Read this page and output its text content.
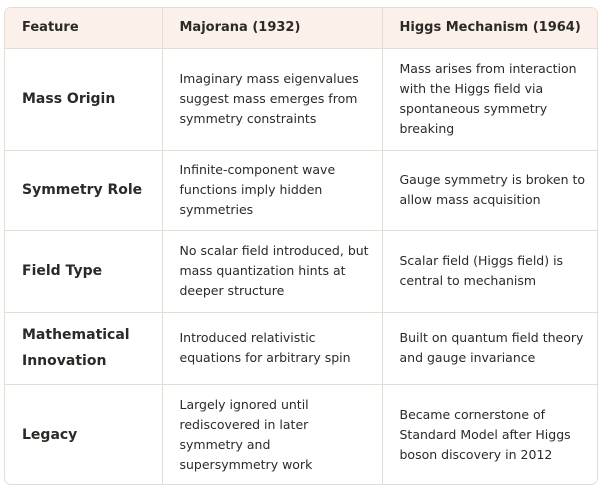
Feature	Majorana (1932)	Higgs Mechanism (1964)
Mass Origin	Imaginary mass eigenvalues suggest mass emerges from symmetry constraints	Mass arises from interaction with the Higgs field via spontaneous symmetry breaking
Symmetry Role	Infinite-component wave functions imply hidden symmetries	Gauge symmetry is broken to allow mass acquisition
Field Type	No scalar field introduced, but mass quantization hints at deeper structure	Scalar field (Higgs field) is central to mechanism
Mathematical Innovation	Introduced relativistic equations for arbitrary spin	Built on quantum field theory and gauge invariance
Legacy	Largely ignored until rediscovered in later symmetry and supersymmetry work	Became cornerstone of Standard Model after Higgs boson discovery in 2012
